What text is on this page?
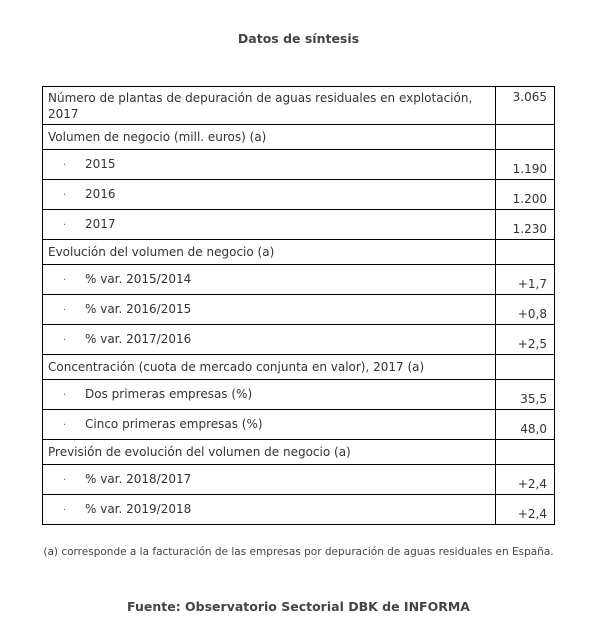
Datos de síntesis
Número de plantas de depuración de aguas residuales en explotación, 2017	3.065
Volumen de negocio (mill. euros) (a)	
· 2015	1.190
· 2016	1.200
· 2017	1.230
Evolución del volumen de negocio (a)	
· % var. 2015/2014	+1,7
· % var. 2016/2015	+0,8
· % var. 2017/2016	+2,5
Concentración (cuota de mercado conjunta en valor), 2017 (a)	
· Dos primeras empresas (%)	35,5
· Cinco primeras empresas (%)	48,0
Previsión de evolución del volumen de negocio (a)	
· % var. 2018/2017	+2,4
· % var. 2019/2018	+2,4
(a) corresponde a la facturación de las empresas por depuración de aguas residuales en España.
Fuente: Observatorio Sectorial DBK de INFORMA
